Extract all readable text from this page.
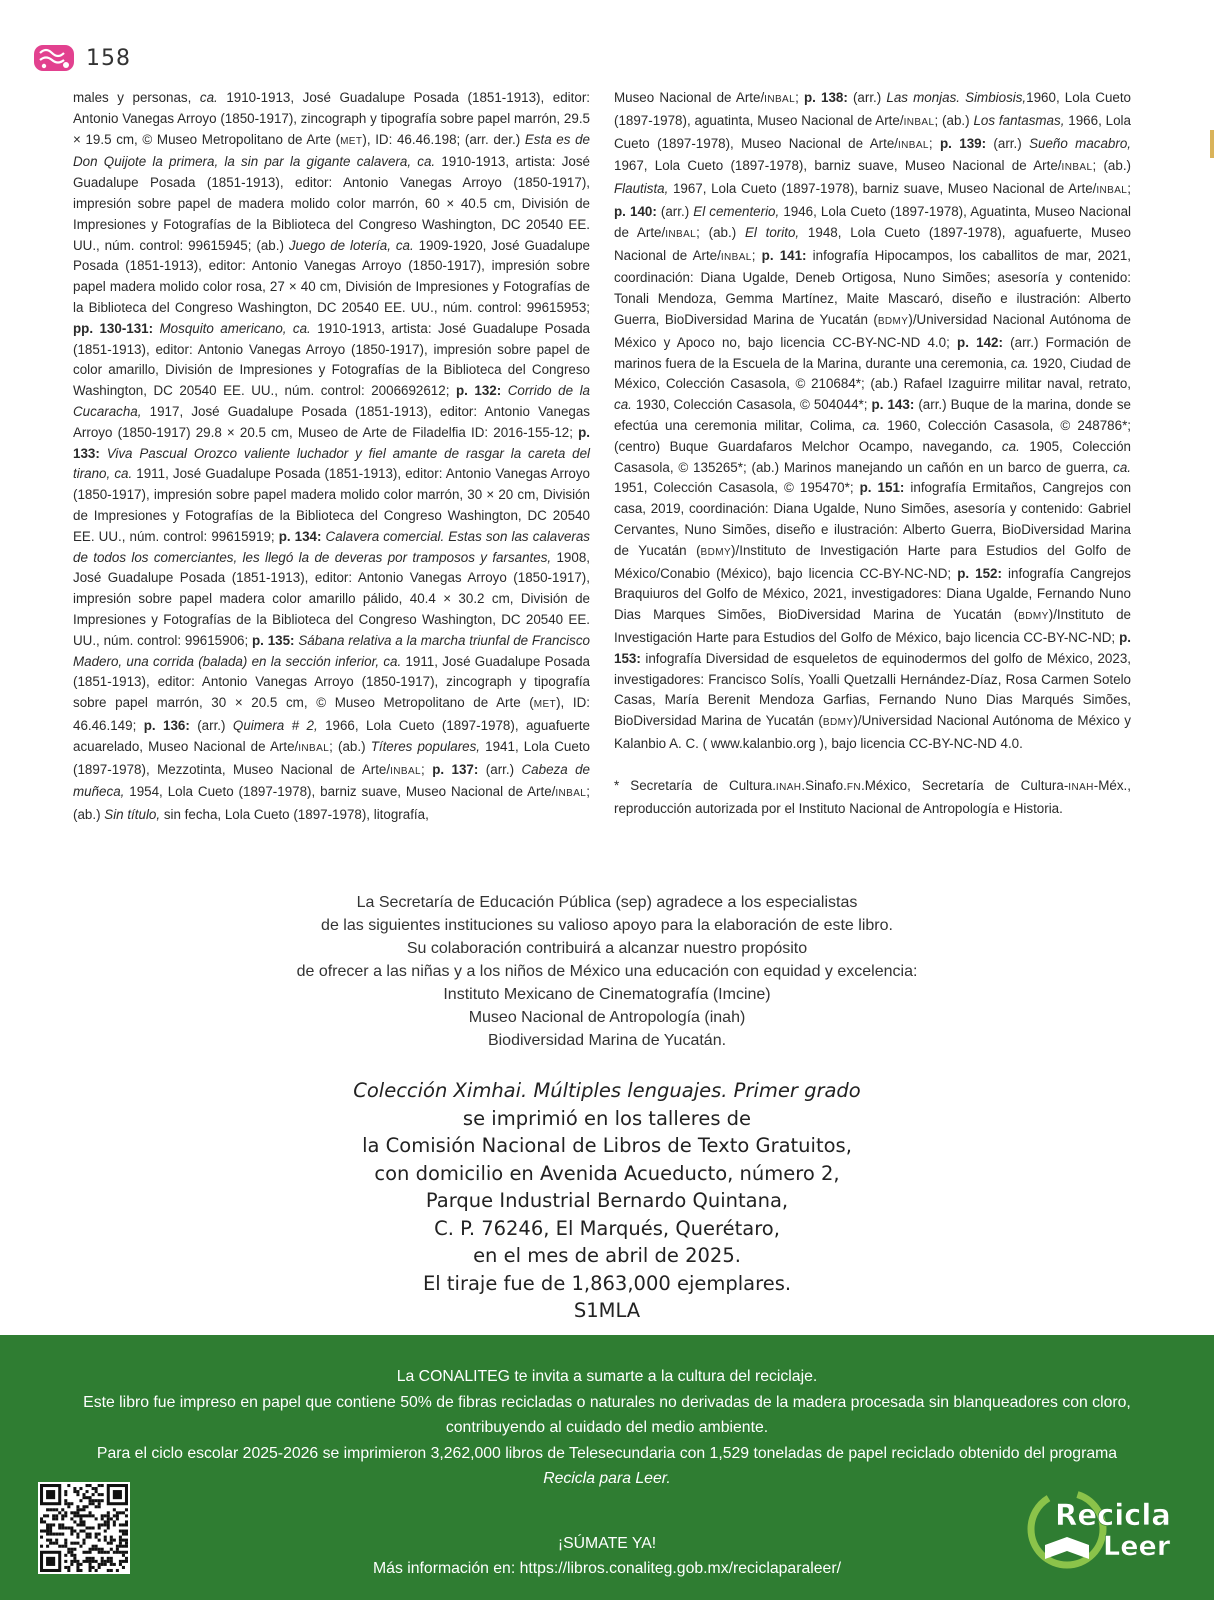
158

males y personas, ca. 1910-1913, José Guadalupe Posada (1851-1913), editor: Antonio Vanegas Arroyo (1850-1917), zincograph y tipografía sobre papel marrón, 29.5 × 19.5 cm, © Museo Metropolitano de Arte (MET), ID: 46.46.198; (arr. der.) Esta es de Don Quijote la primera, la sin par la gigante calavera, ca. 1910-1913, artista: José Guadalupe Posada (1851-1913), editor: Antonio Vanegas Arroyo (1850-1917), impresión sobre papel de madera molido color marrón, 60 × 40.5 cm, División de Impresiones y Fotografías de la Biblioteca del Congreso Washington, DC 20540 EE. UU., núm. control: 99615945; (ab.) Juego de lotería, ca. 1909-1920, José Guadalupe Posada (1851-1913), editor: Antonio Vanegas Arroyo (1850-1917), impresión sobre papel madera molido color rosa, 27 × 40 cm, División de Impresiones y Fotografías de la Biblioteca del Congreso Washington, DC 20540 EE. UU., núm. control: 99615953; pp. 130-131: Mosquito americano, ca. 1910-1913, artista: José Guadalupe Posada (1851-1913), editor: Antonio Vanegas Arroyo (1850-1917), impresión sobre papel de color amarillo, División de Impresiones y Fotografías de la Biblioteca del Congreso Washington, DC 20540 EE. UU., núm. control: 2006692612; p. 132: Corrido de la Cucaracha, 1917, José Guadalupe Posada (1851-1913), editor: Antonio Vanegas Arroyo (1850-1917) 29.8 × 20.5 cm, Museo de Arte de Filadelfia ID: 2016-155-12; p. 133: Viva Pascual Orozco valiente luchador y fiel amante de rasgar la careta del tirano, ca. 1911, José Guadalupe Posada (1851-1913), editor: Antonio Vanegas Arroyo (1850-1917), impresión sobre papel madera molido color marrón, 30 × 20 cm, División de Impresiones y Fotografías de la Biblioteca del Congreso Washington, DC 20540 EE. UU., núm. control: 99615919; p. 134: Calavera comercial. Estas son las calaveras de todos los comerciantes, les llegó la de deveras por tramposos y farsantes, 1908, José Guadalupe Posada (1851-1913), editor: Antonio Vanegas Arroyo (1850-1917), impresión sobre papel madera color amarillo pálido, 40.4 × 30.2 cm, División de Impresiones y Fotografías de la Biblioteca del Congreso Washington, DC 20540 EE. UU., núm. control: 99615906; p. 135: Sábana relativa a la marcha triunfal de Francisco Madero, una corrida (balada) en la sección inferior, ca. 1911, José Guadalupe Posada (1851-1913), editor: Antonio Vanegas Arroyo (1850-1917), zincograph y tipografía sobre papel marrón, 30 × 20.5 cm, © Museo Metropolitano de Arte (MET), ID: 46.46.149; p. 136: (arr.) Quimera # 2, 1966, Lola Cueto (1897-1978), aguafuerte acuarelado, Museo Nacional de Arte/INBAL; (ab.) Títeres populares, 1941, Lola Cueto (1897-1978), Mezzotinta, Museo Nacional de Arte/INBAL; p. 137: (arr.) Cabeza de muñeca, 1954, Lola Cueto (1897-1978), barniz suave, Museo Nacional de Arte/INBAL; (ab.) Sin título, sin fecha, Lola Cueto (1897-1978), litografía,

Museo Nacional de Arte/INBAL; p. 138: (arr.) Las monjas. Simbiosis,1960, Lola Cueto (1897-1978), aguatinta, Museo Nacional de Arte/INBAL; (ab.) Los fantasmas, 1966, Lola Cueto (1897-1978), Museo Nacional de Arte/INBAL; p. 139: (arr.) Sueño macabro, 1967, Lola Cueto (1897-1978), barniz suave, Museo Nacional de Arte/INBAL; (ab.) Flautista, 1967, Lola Cueto (1897-1978), barniz suave, Museo Nacional de Arte/INBAL; p. 140: (arr.) El cementerio, 1946, Lola Cueto (1897-1978), Aguatinta, Museo Nacional de Arte/INBAL; (ab.) El torito, 1948, Lola Cueto (1897-1978), aguafuerte, Museo Nacional de Arte/INBAL; p. 141: infografía Hipocampos, los caballitos de mar, 2021, coordinación: Diana Ugalde, Deneb Ortigosa, Nuno Simões; asesoría y contenido: Tonali Mendoza, Gemma Martínez, Maite Mascaró, diseño e ilustración: Alberto Guerra, BioDiversidad Marina de Yucatán (BDMY)/Universidad Nacional Autónoma de México y Apoco no, bajo licencia CC-BY-NC-ND 4.0; p. 142: (arr.) Formación de marinos fuera de la Escuela de la Marina, durante una ceremonia, ca. 1920, Ciudad de México, Colección Casasola, © 210684*; (ab.) Rafael Izaguirre militar naval, retrato, ca. 1930, Colección Casasola, © 504044*; p. 143: (arr.) Buque de la marina, donde se efectúa una ceremonia militar, Colima, ca. 1960, Colección Casasola, © 248786*; (centro) Buque Guardafaros Melchor Ocampo, navegando, ca. 1905, Colección Casasola, © 135265*; (ab.) Marinos manejando un cañón en un barco de guerra, ca. 1951, Colección Casasola, © 195470*; p. 151: infografía Ermitaños, Cangrejos con casa, 2019, coordinación: Diana Ugalde, Nuno Simões, asesoría y contenido: Gabriel Cervantes, Nuno Simões, diseño e ilustración: Alberto Guerra, BioDiversidad Marina de Yucatán (BDMY)/Instituto de Investigación Harte para Estudios del Golfo de México/Conabio (México), bajo licencia CC-BY-NC-ND; p. 152: infografía Cangrejos Braquiuros del Golfo de México, 2021, investigadores: Diana Ugalde, Fernando Nuno Dias Marques Simões, BioDiversidad Marina de Yucatán (BDMY)/Instituto de Investigación Harte para Estudios del Golfo de México, bajo licencia CC-BY-NC-ND; p. 153: infografía Diversidad de esqueletos de equinodermos del golfo de México, 2023, investigadores: Francisco Solís, Yoalli Quetzalli Hernández-Díaz, Rosa Carmen Sotelo Casas, María Berenit Mendoza Garfias, Fernando Nuno Dias Marqués Simões, BioDiversidad Marina de Yucatán (BDMY)/Universidad Nacional Autónoma de México y Kalanbio A. C. ( www.kalanbio.org ), bajo licencia CC-BY-NC-ND 4.0.

* Secretaría de Cultura.INAH.Sinafo.FN.México, Secretaría de Cultura-INAH-Méx., reproducción autorizada por el Instituto Nacional de Antropología e Historia.

La Secretaría de Educación Pública (sep) agradece a los especialistas
de las siguientes instituciones su valioso apoyo para la elaboración de este libro.
Su colaboración contribuirá a alcanzar nuestro propósito
de ofrecer a las niñas y a los niños de México una educación con equidad y excelencia:
Instituto Mexicano de Cinematografía (Imcine)
Museo Nacional de Antropología (inah)
Biodiversidad Marina de Yucatán.
Colección Ximhai. Múltiples lenguajes. Primer grado
se imprimió en los talleres de
la Comisión Nacional de Libros de Texto Gratuitos,
con domicilio en Avenida Acueducto, número 2,
Parque Industrial Bernardo Quintana,
C. P. 76246, El Marqués, Querétaro,
en el mes de abril de 2025.
El tiraje fue de 1,863,000 ejemplares.
S1MLA
La CONALITEG te invita a sumarte a la cultura del reciclaje.
Este libro fue impreso en papel que contiene 50% de fibras recicladas o naturales no derivadas de la madera procesada sin blanqueadores con cloro,
contribuyendo al cuidado del medio ambiente.
Para el ciclo escolar 2025-2026 se imprimieron 3,262,000 libros de Telesecundaria con 1,529 toneladas de papel reciclado obtenido del programa
Recicla para Leer.
¡SÚMATE YA!
Más información en: https://libros.conaliteg.gob.mx/reciclaparaleer/
Recicla
Leer
